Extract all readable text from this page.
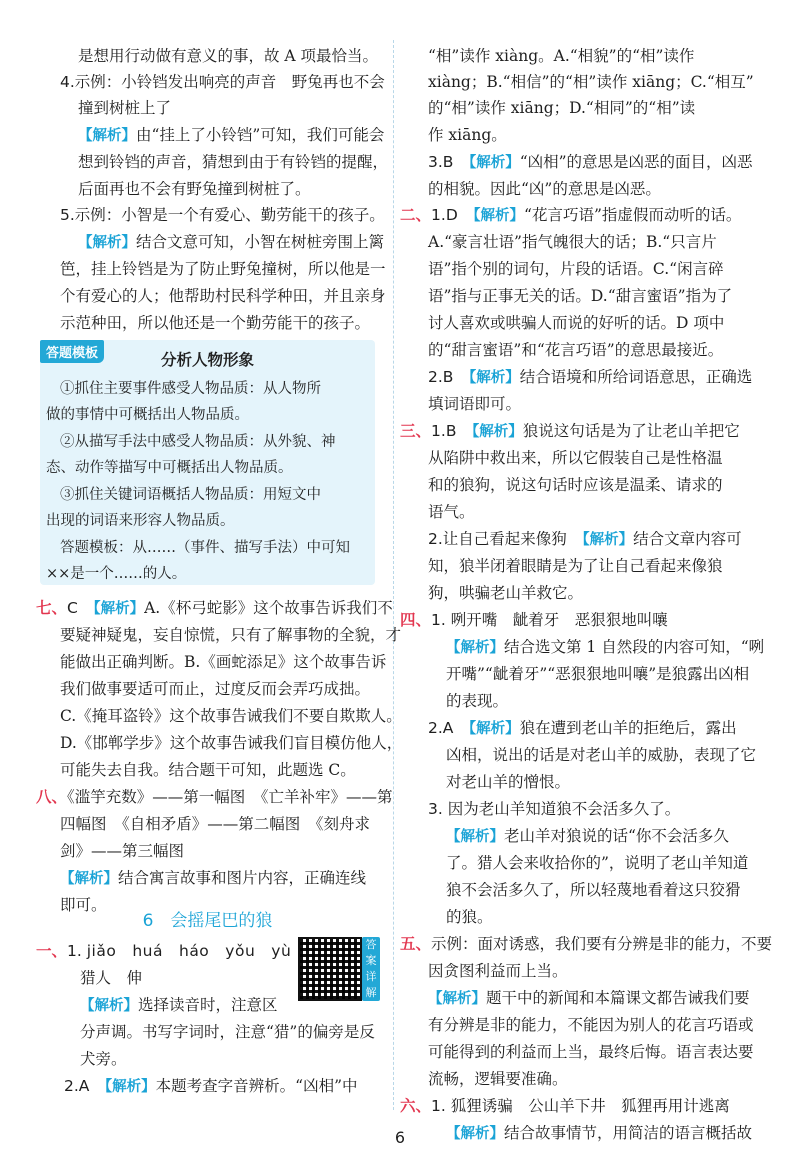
是想用行动做有意义的事，故 A 项最恰当。
4.示例：小铃铛发出响亮的声音　野兔再也不会
撞到树桩上了
【解析】由“挂上了小铃铛”可知，我们可能会
想到铃铛的声音，猜想到由于有铃铛的提醒，
后面再也不会有野兔撞到树桩了。
5.示例：小智是一个有爱心、勤劳能干的孩子。
【解析】结合文意可知，小智在树桩旁围上篱
笆，挂上铃铛是为了防止野兔撞树，所以他是一
个有爱心的人；他帮助村民科学种田，并且亲身
示范种田，所以他还是一个勤劳能干的孩子。
①抓住主要事件感受人物品质：从人物所
做的事情中可概括出人物品质。
②从描写手法中感受人物品质：从外貌、神
态、动作等描写中可概括出人物品质。
③抓住关键词语概括人物品质：用短文中
出现的词语来形容人物品质。
答题模板：从……（事件、描写手法）中可知
××是一个……的人。
答题模板	分析人物形象
七、C　 【解析】A.《杯弓蛇影》这个故事告诉我们不
要疑神疑鬼，妄自惊慌，只有了解事物的全貌，才
能做出正确判断。B.《画蛇添足》这个故事告诉
我们做事要适可而止，过度反而会弄巧成拙。
C.《掩耳盗铃》这个故事告诫我们不要自欺欺人。
D.《邯郸学步》这个故事告诫我们盲目模仿他人，
可能失去自我。结合题干可知，此题选 C。
八、《滥竽充数》——第一幅图　《亡羊补牢》——第
四幅图　《自相矛盾》——第二幅图　《刻舟求
剑》——第三幅图
【解析】结合寓言故事和图片内容，正确连线
即可。
6　会摇尾巴的狼
一、1. jiǎo　huá　háo　yǒu　yù
猎人　伸
【解析】选择读音时，注意区
分声调。书写字词时，注意“猎”的偏旁是反
犬旁。
2.A　 【解析】本题考查字音辨析。“凶相”中
答案详解
“相”读作 xiàng。A.“相貌”的“相”读作
xiàng；B.“相信”的“相”读作 xiāng；C.“相互”
的“相”读作 xiāng；D.“相同”的“相”读
作 xiāng。
3.B　 【解析】“凶相”的意思是凶恶的面目，凶恶
的相貌。因此“凶”的意思是凶恶。
二、1.D　 【解析】“花言巧语”指虚假而动听的话。
A.“豪言壮语”指气魄很大的话；B.“只言片
语”指个别的词句，片段的话语。C.“闲言碎
语”指与正事无关的话。D.“甜言蜜语”指为了
讨人喜欢或哄骗人而说的好听的话。D 项中
的“甜言蜜语”和“花言巧语”的意思最接近。
2.B　 【解析】结合语境和所给词语意思，正确选
填词语即可。
三、1.B　 【解析】狼说这句话是为了让老山羊把它
从陷阱中救出来，所以它假装自己是性格温
和的狼狗，说这句话时应该是温柔、请求的
语气。
2.让自己看起来像狗　 【解析】结合文章内容可
知，狼半闭着眼睛是为了让自己看起来像狼
狗，哄骗老山羊救它。
四、1. 咧开嘴　龇着牙　恶狠狠地叫嚷
【解析】结合选文第 1 自然段的内容可知，“咧
开嘴”“龇着牙”“恶狠狠地叫嚷”是狼露出凶相
的表现。
2.A　 【解析】狼在遭到老山羊的拒绝后，露出
凶相，说出的话是对老山羊的威胁，表现了它
对老山羊的憎恨。
3. 因为老山羊知道狼不会活多久了。
【解析】老山羊对狼说的话“你不会活多久
了。猎人会来收拾你的”，说明了老山羊知道
狼不会活多久了，所以轻蔑地看着这只狡猾
的狼。
五、示例：面对诱惑，我们要有分辨是非的能力，不要
因贪图利益而上当。
【解析】题干中的新闻和本篇课文都告诫我们要
有分辨是非的能力，不能因为别人的花言巧语或
可能得到的利益而上当，最终后悔。语言表达要
流畅，逻辑要准确。
六、1. 狐狸诱骗　公山羊下井　狐狸再用计逃离
【解析】结合故事情节，用简洁的语言概括故
6
